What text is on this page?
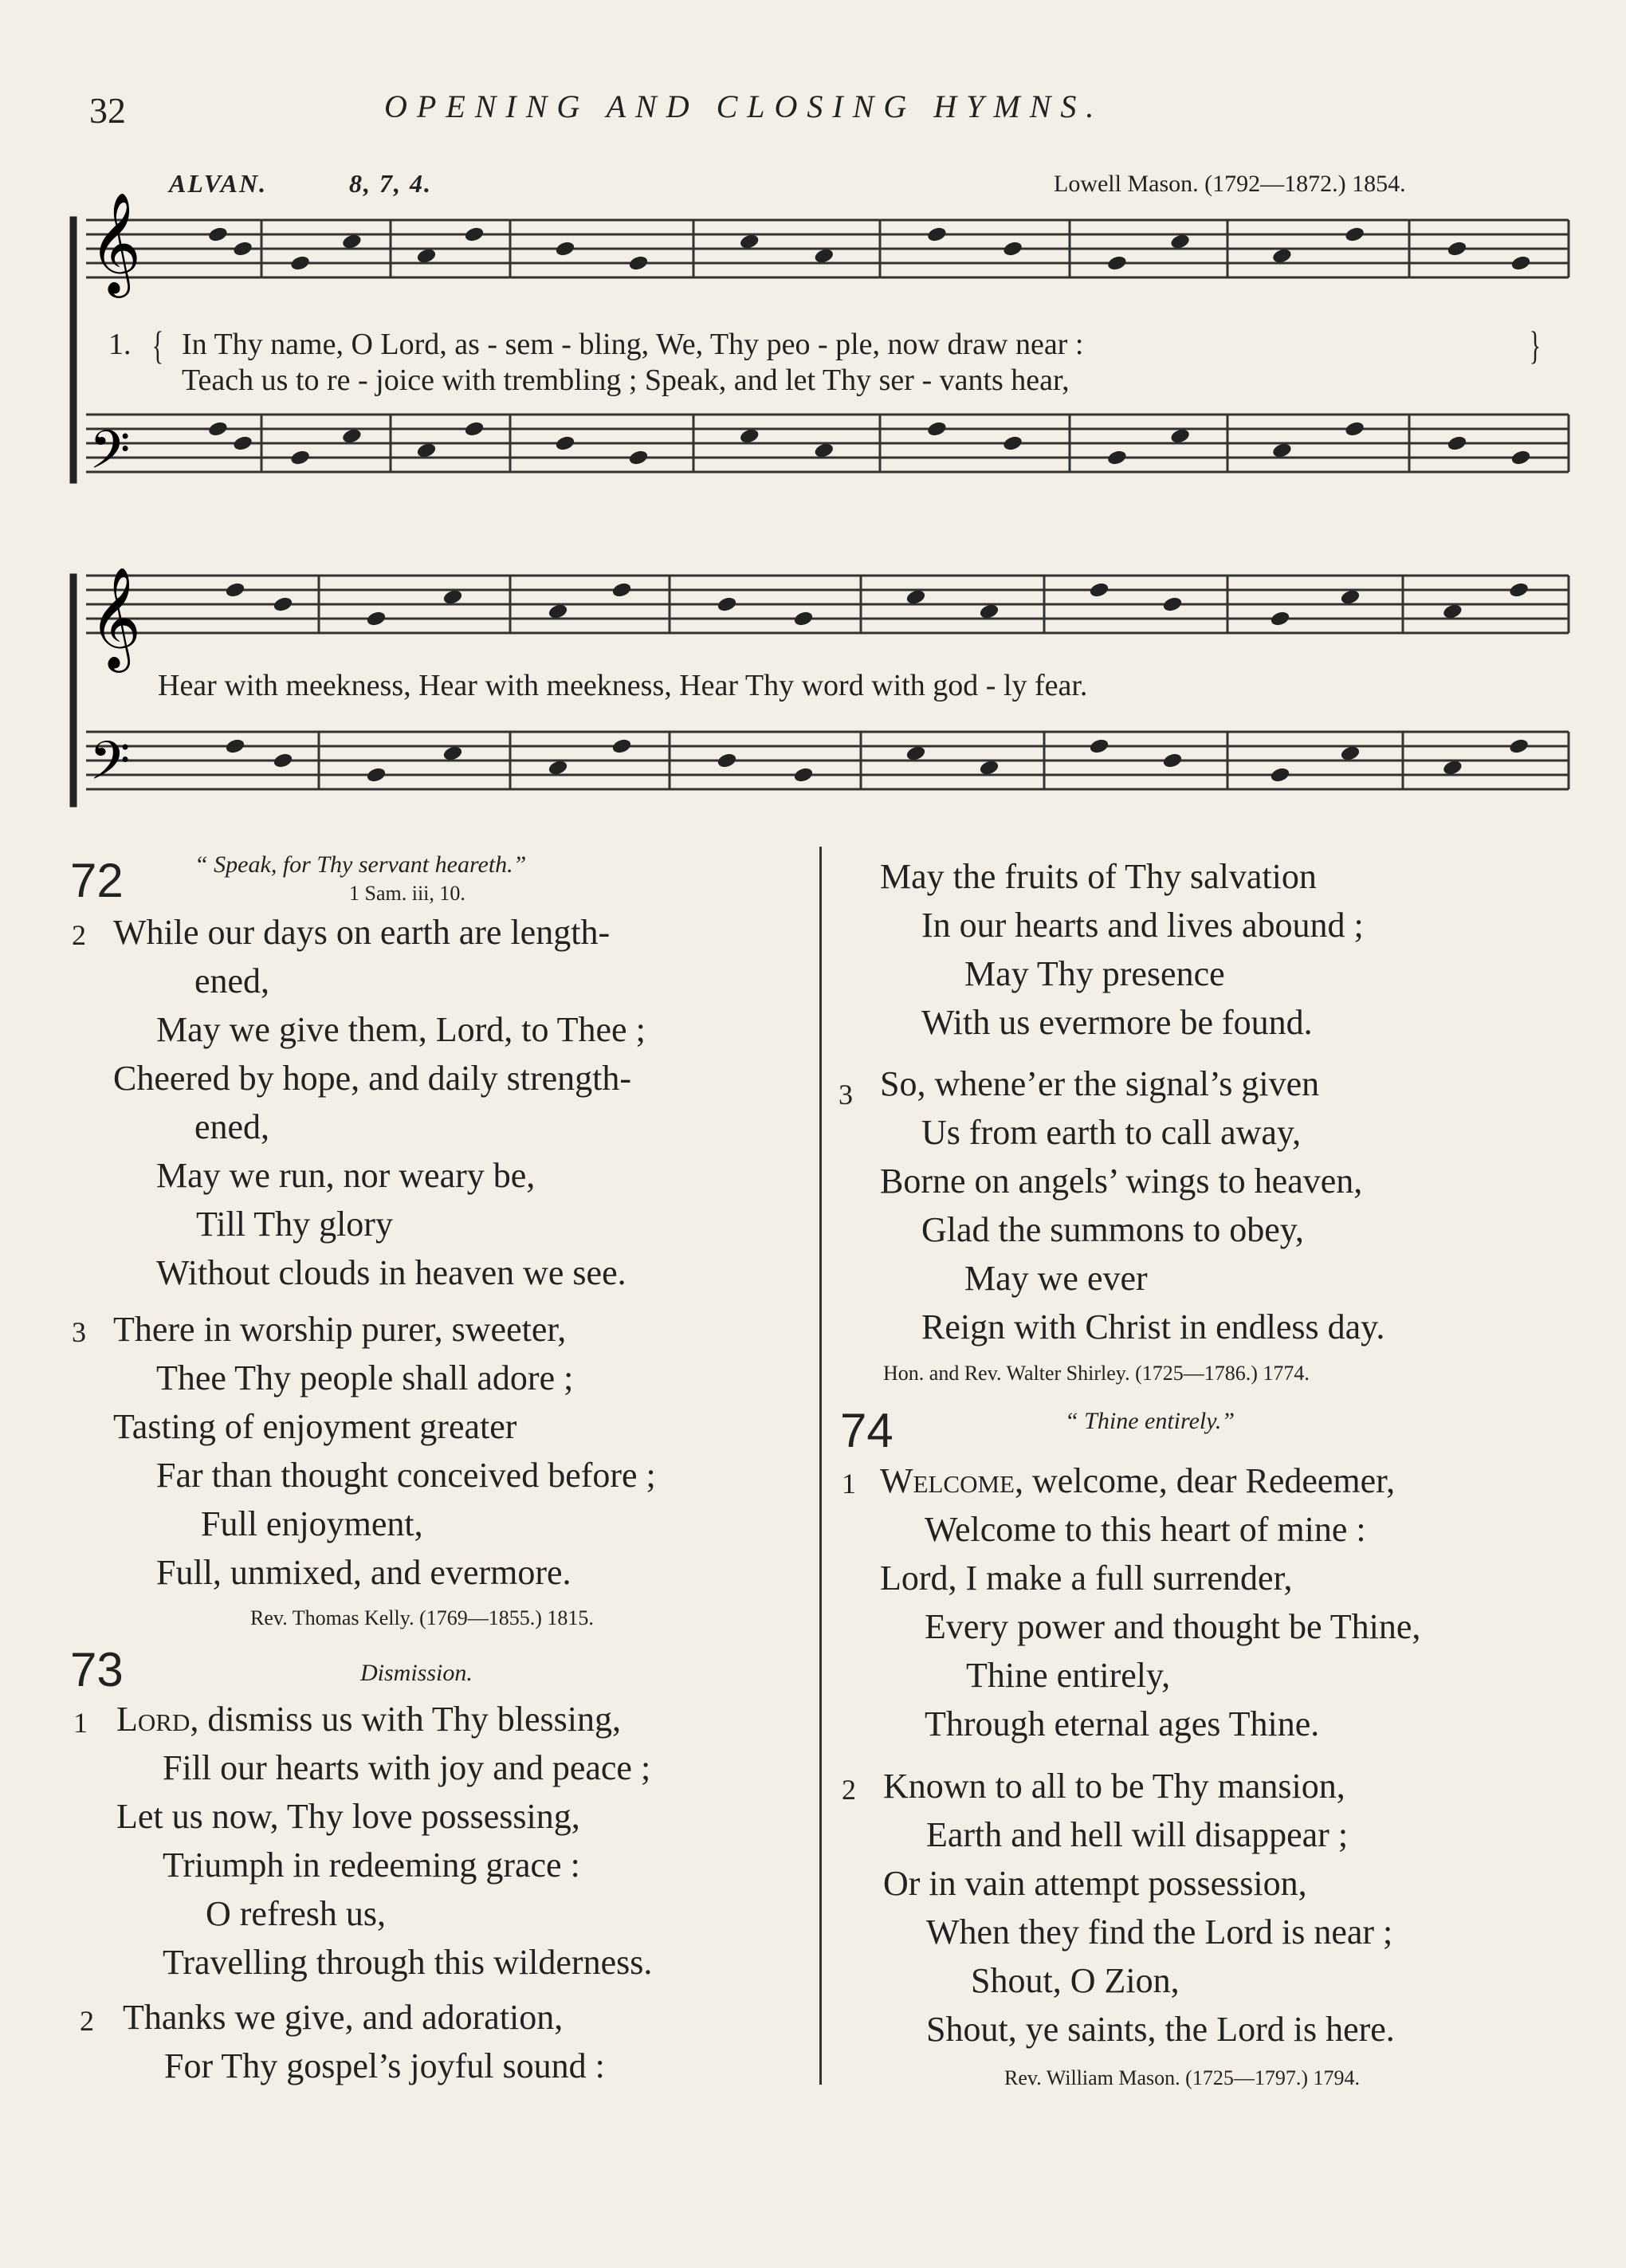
32	OPENING AND CLOSING HYMNS.
ALVAN.	8, 7, 4.	Lowell Mason. (1792—1872.) 1854.
𝄞
𝄞
𝄢
𝄢
1. {	}
In Thy name, O Lord, as - sem - bling, We, Thy peo - ple, now draw near :
Teach us to re - joice with trembling ; Speak, and let Thy ser - vants hear,
Hear with meekness, Hear with meekness, Hear Thy word with god - ly fear.
72	“ Speak, for Thy servant heareth.”
1 Sam. iii, 10.
2 While our days on earth are length-
ened,
May we give them, Lord, to Thee ;
Cheered by hope, and daily strength-
ened,
May we run, nor weary be,
Till Thy glory
Without clouds in heaven we see.
3 There in worship purer, sweeter,
Thee Thy people shall adore ;
Tasting of enjoyment greater
Far than thought conceived before ;
Full enjoyment,
Full, unmixed, and evermore.
Rev. Thomas Kelly. (1769—1855.) 1815.
73	Dismission.
1 Lord, dismiss us with Thy blessing,
Fill our hearts with joy and peace ;
Let us now, Thy love possessing,
Triumph in redeeming grace :
O refresh us,
Travelling through this wilderness.
2 Thanks we give, and adoration,
For Thy gospel’s joyful sound :
May the fruits of Thy salvation
In our hearts and lives abound ;
May Thy presence
With us evermore be found.
3 So, whene’er the signal’s given
Us from earth to call away,
Borne on angels’ wings to heaven,
Glad the summons to obey,
May we ever
Reign with Christ in endless day.
Hon. and Rev. Walter Shirley. (1725—1786.) 1774.
74	“ Thine entirely.”
1 Welcome, welcome, dear Redeemer,
Welcome to this heart of mine :
Lord, I make a full surrender,
Every power and thought be Thine,
Thine entirely,
Through eternal ages Thine.
2 Known to all to be Thy mansion,
Earth and hell will disappear ;
Or in vain attempt possession,
When they find the Lord is near ;
Shout, O Zion,
Shout, ye saints, the Lord is here.
Rev. William Mason. (1725—1797.) 1794.
